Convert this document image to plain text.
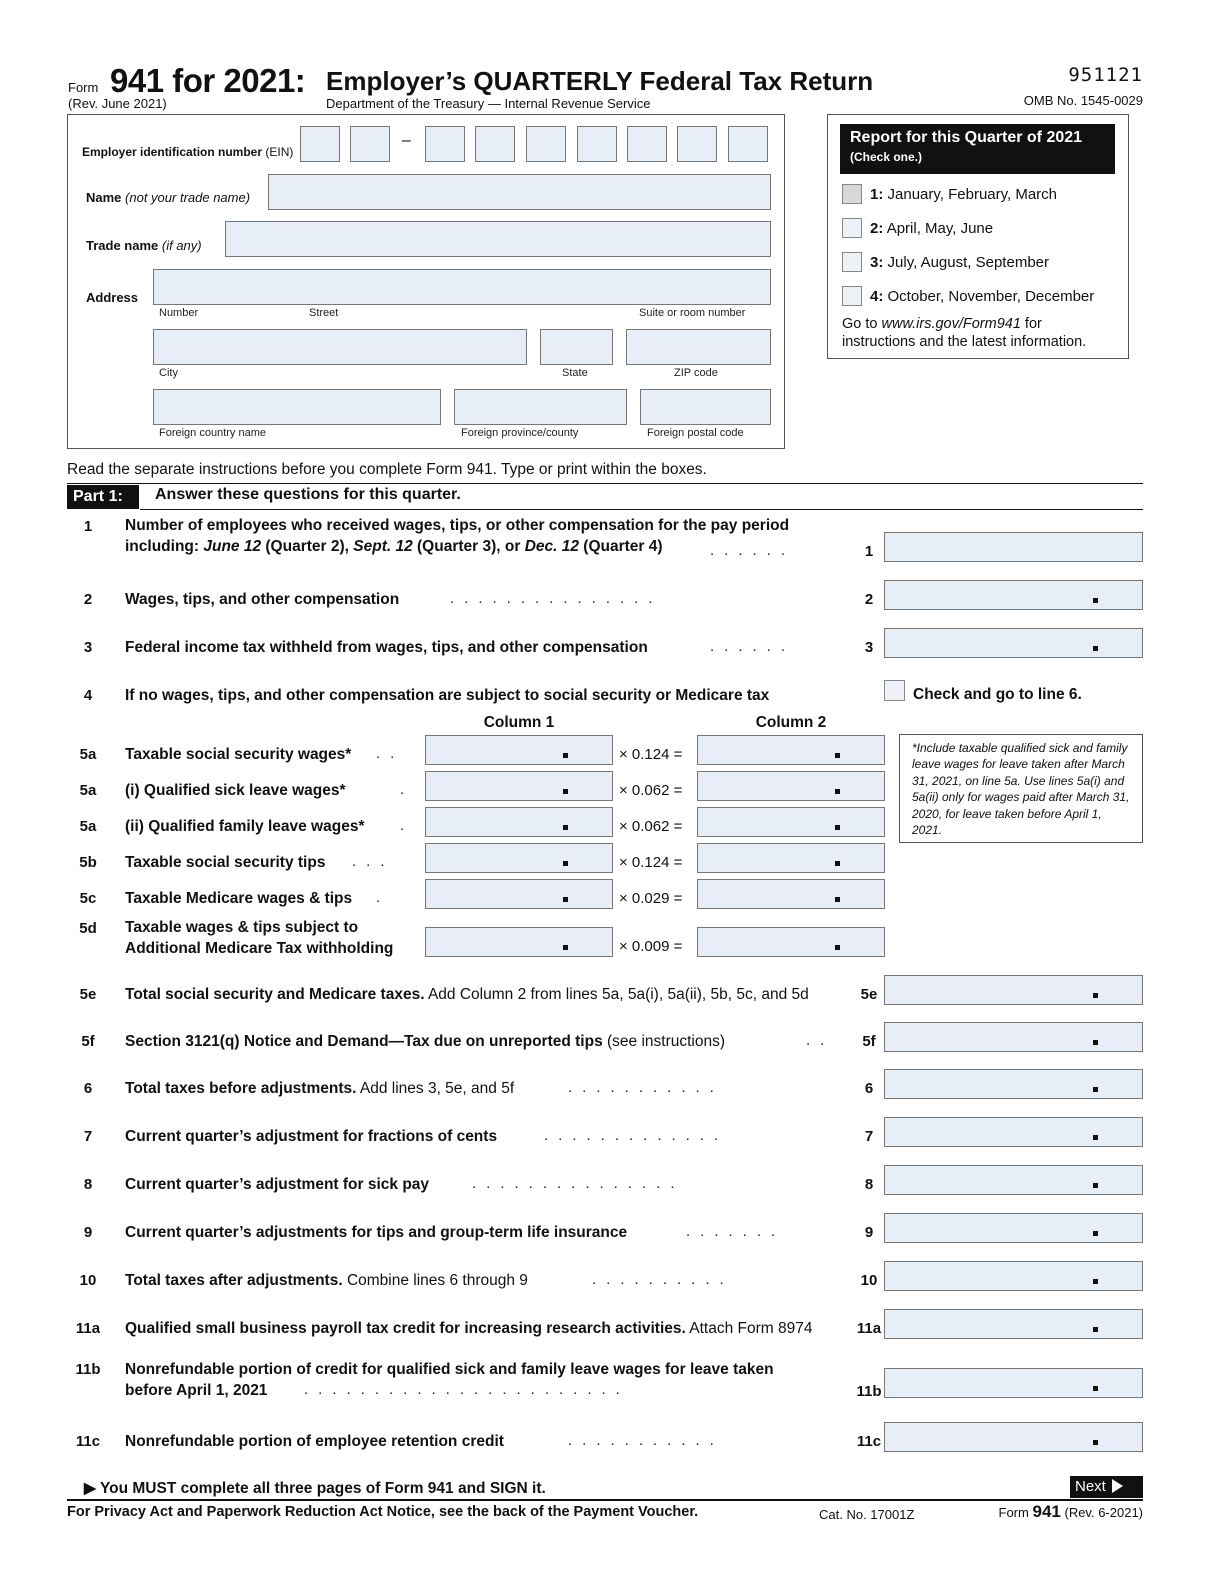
Form 941 for 2021: Employer’s QUARTERLY Federal Tax Return
(Rev. June 2021)	Department of the Treasury — Internal Revenue Service
951121
OMB No. 1545-0029
Employer identification number (EIN)
–
Name (not your trade name)
Trade name (if any)
Address
Number	Street	Suite or room number
City	State	ZIP code
Foreign country name	Foreign province/county	Foreign postal code
Report for this Quarter of 2021
(Check one.)
1: January, February, March
2: April, May, June
3: July, August, September
4: October, November, December
Go to www.irs.gov/Form941 for
instructions and the latest information.
Read the separate instructions before you complete Form 941. Type or print within the boxes.
Part 1:	Answer these questions for this quarter.
1	Number of employees who received wages, tips, or other compensation for the pay period
including: June 12 (Quarter 2), Sept. 12 (Quarter 3), or Dec. 12 (Quarter 4)	......	1
2	Wages, tips, and other compensation	...............	2
3	Federal income tax withheld from wages, tips, and other compensation	......	3
4	If no wages, tips, and other compensation are subject to social security or Medicare tax	Check and go to line 6.
Column 1	Column 2
5a	Taxable social security wages* ..	× 0.124 =
5a	(i) Qualified sick leave wages*	.	× 0.062 =
5a	(ii) Qualified family leave wages* .	× 0.062 =
*Include taxable qualified sick and family leave wages for leave taken after March 31, 2021, on line 5a. Use lines 5a(i) and 5a(ii) only for wages paid after March 31, 2020, for leave taken before April 1, 2021.
5b	Taxable social security tips ...	× 0.124 =
5c	Taxable Medicare wages & tips .	× 0.029 =
5d	Taxable wages & tips subject to
Additional Medicare Tax withholding	× 0.009 =
5e	Total social security and Medicare taxes. Add Column 2 from lines 5a, 5a(i), 5a(ii), 5b, 5c, and 5d	5e
5f	Section 3121(q) Notice and Demand—Tax due on unreported tips (see instructions)	..	5f
6	Total taxes before adjustments. Add lines 3, 5e, and 5f	...........	6
7	Current quarter’s adjustment for fractions of cents	.............	7
8	Current quarter’s adjustment for sick pay	...............	8
9	Current quarter’s adjustments for tips and group-term life insurance	.......	9
10	Total taxes after adjustments. Combine lines 6 through 9	..........	10
11a	Qualified small business payroll tax credit for increasing research activities. Attach Form 8974	11a
11b	Nonrefundable portion of credit for qualified sick and family leave wages for leave taken
before April 1, 2021	.......................	11b
11c	Nonrefundable portion of employee retention credit	...........	11c
▶ You MUST complete all three pages of Form 941 and SIGN it.	Next
For Privacy Act and Paperwork Reduction Act Notice, see the back of the Payment Voucher.	Cat. No. 17001Z	Form 941 (Rev. 6-2021)
